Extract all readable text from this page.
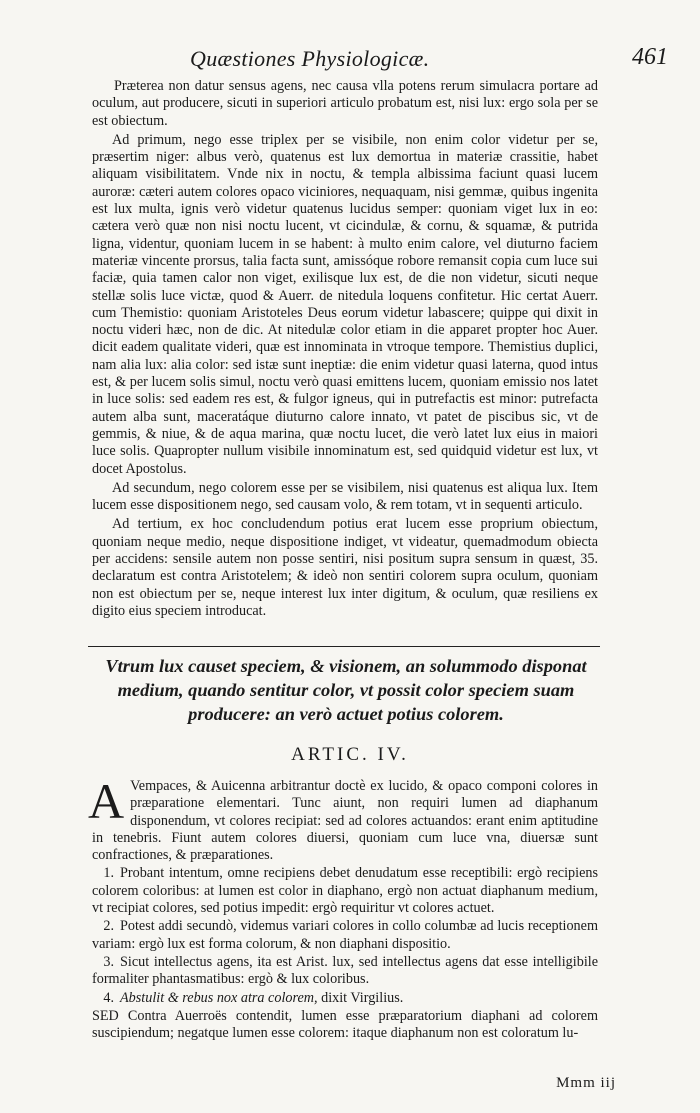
Quæstiones Physiologicæ.	461

Præterea non datur sensus agens, nec causa vlla potens rerum simulacra portare ad oculum, aut producere, sicuti in superiori articulo probatum est, nisi lux: ergo sola per se est obiectum.

Ad primum, nego esse triplex per se visibile, non enim color videtur per se, præsertim niger: albus verò, quatenus est lux demortua in materiæ crassitie, habet aliquam visibilitatem. Vnde nix in noctu, & templa albissima faciunt quasi lucem auroræ: cæteri autem colores opaco viciniores, nequaquam, nisi gemmæ, quibus ingenita est lux multa, ignis verò videtur quatenus lucidus semper: quoniam viget lux in eo: cætera verò quæ non nisi noctu lucent, vt cicindulæ, & cornu, & squamæ, & putrida ligna, videntur, quoniam lucem in se habent: à multo enim calore, vel diuturno faciem materiæ vincente prorsus, talia facta sunt, amissóque robore remansit copia cum luce sui faciæ, quia tamen calor non viget, exilisque lux est, de die non videtur, sicuti neque stellæ solis luce victæ, quod & Auerr. de nitedula loquens confitetur. Hic certat Auerr. cum Themistio: quoniam Aristoteles Deus eorum videtur labascere; quippe qui dixit in noctu videri hæc, non de dic. At nitedulæ color etiam in die apparet propter hoc Auer. dicit eadem qualitate videri, quæ est innominata in vtroque tempore. Themistius duplici, nam alia lux: alia color: sed istæ sunt ineptiæ: die enim videtur quasi laterna, quod intus est, & per lucem solis simul, noctu verò quasi emittens lucem, quoniam emissio nos latet in luce solis: sed eadem res est, & fulgor igneus, qui in putrefactis est minor: putrefacta autem alba sunt, maceratáque diuturno calore innato, vt patet de piscibus sic, vt de gemmis, & niue, & de aqua marina, quæ noctu lucet, die verò latet lux eius in maiori luce solis. Quapropter nullum visibile innominatum est, sed quidquid videtur est lux, vt docet Apostolus.

Ad secundum, nego colorem esse per se visibilem, nisi quatenus est aliqua lux. Item lucem esse dispositionem nego, sed causam volo, & rem totam, vt in sequenti articulo.

Ad tertium, ex hoc concludendum potius erat lucem esse proprium obiectum, quoniam neque medio, neque dispositione indiget, vt videatur, quemadmodum obiecta per accidens: sensile autem non posse sentiri, nisi positum supra sensum in quæst, 35. declaratum est contra Aristotelem; & ideò non sentiri colorem supra oculum, quoniam non est obiectum per se, neque interest lux inter digitum, & oculum, quæ resiliens ex digito eius speciem introducat.

Vtrum lux causet speciem, & visionem, an solummodo disponat medium, quando sentitur color, vt possit color speciem suam producere: an verò actuet potius colorem.
ARTIC. IV.

A Vempaces, & Auicenna arbitrantur doctè ex lucido, & opaco componi colores in præparatione elementari. Tunc aiunt, non requiri lumen ad diaphanum disponendum, vt colores recipiat: sed ad colores actuandos: erant enim aptitudine in tenebris. Fiunt autem colores diuersi, quoniam cum luce vna, diuersæ sunt confractiones, & præparationes.

1. Probant intentum, omne recipiens debet denudatum esse receptibili: ergò recipiens colorem coloribus: at lumen est color in diaphano, ergò non actuat diaphanum medium, vt recipiat colores, sed potius impedit: ergò requiritur vt colores actuet.

2. Potest addi secundò, videmus variari colores in collo columbæ ad lucis receptionem variam: ergò lux est forma colorum, & non diaphani dispositio.

3. Sicut intellectus agens, ita est Arist. lux, sed intellectus agens dat esse intelligibile formaliter phantasmatibus: ergò & lux coloribus.

4. Abstulit & rebus nox atra colorem, dixit Virgilius.

SED Contra Auerroës contendit, lumen esse præparatorium diaphani ad colorem suscipiendum; negatque lumen esse colorem: itaque diaphanum non est coloratum lu-

Mmm iij
